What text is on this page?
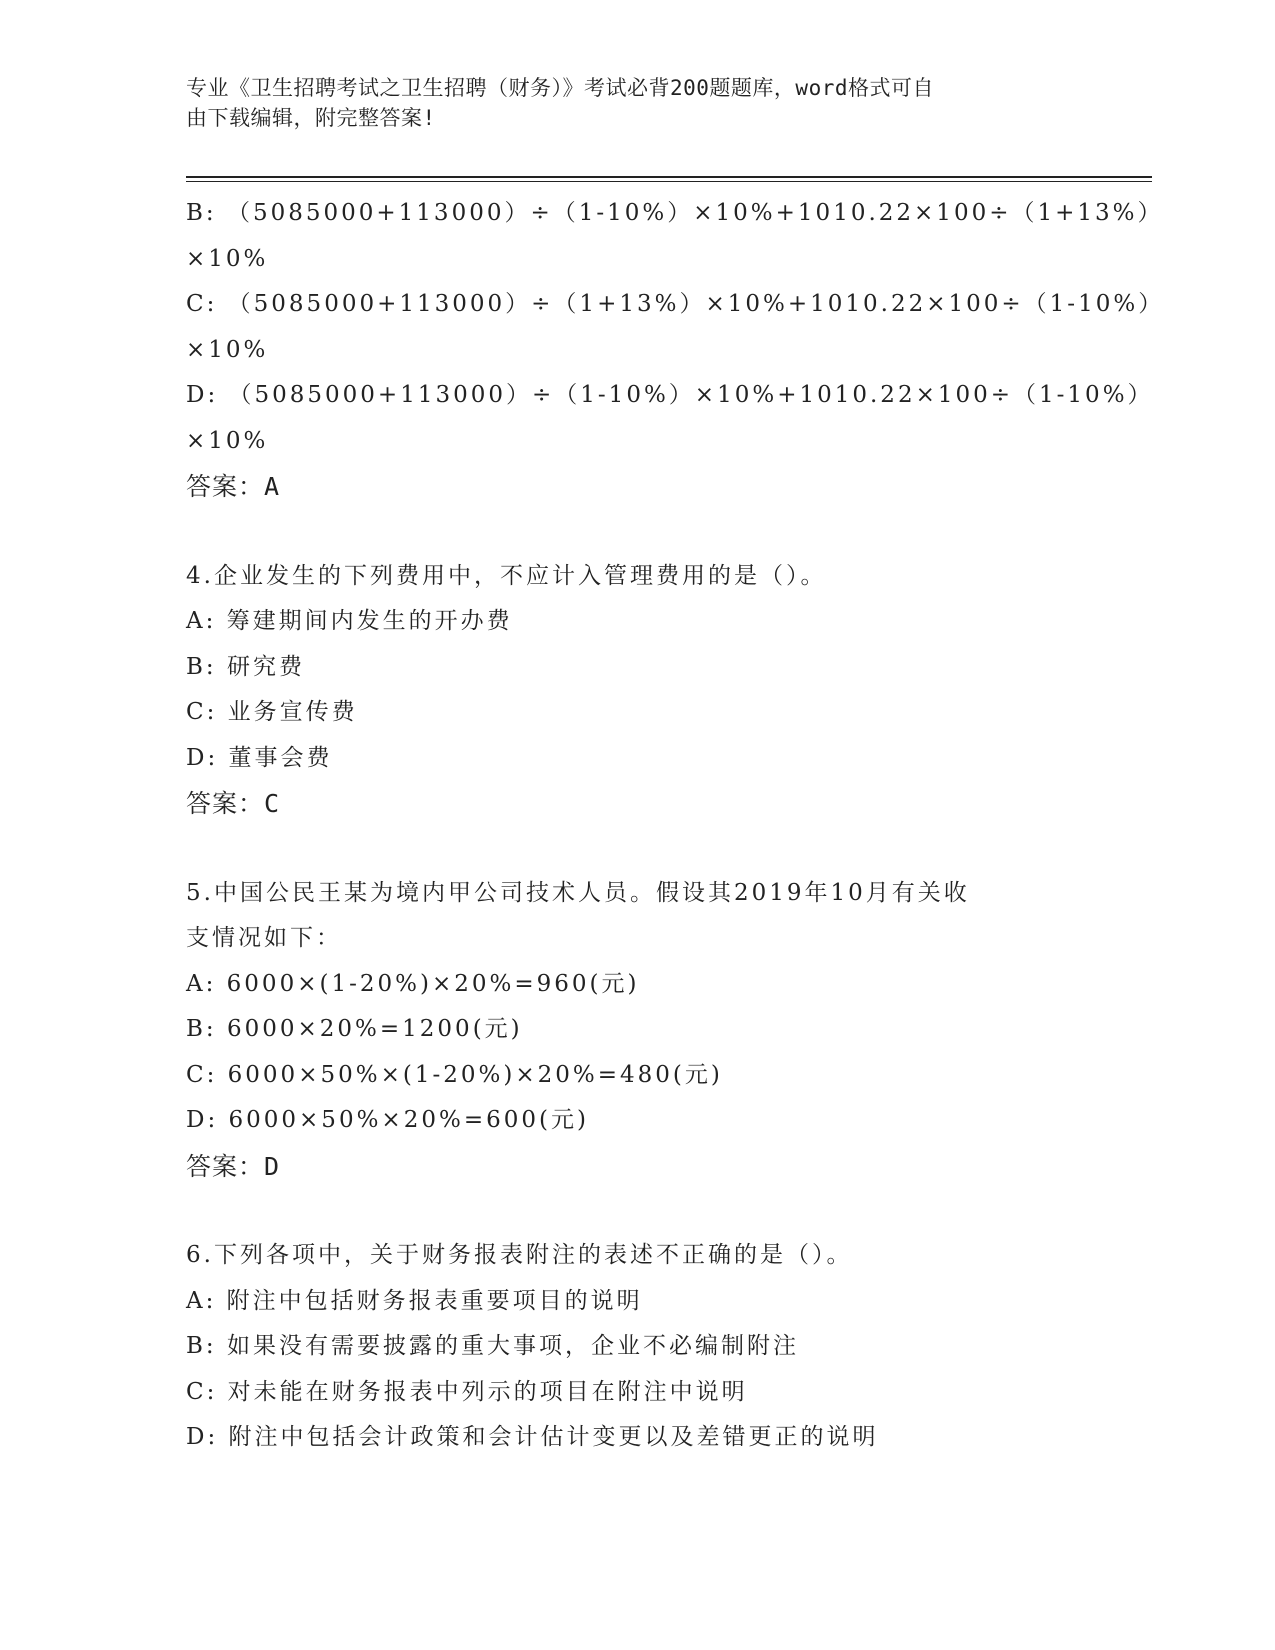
专业《卫生招聘考试之卫生招聘（财务）》考试必背200题题库，word格式可自
由下载编辑，附完整答案!
B: （5085000+113000）÷（1-10%）×10%+1010.22×100÷（1+13%）
×10%
C: （5085000+113000）÷（1+13%）×10%+1010.22×100÷（1-10%）
×10%
D: （5085000+113000）÷（1-10%）×10%+1010.22×100÷（1-10%）
×10%
答案：A
4.企业发生的下列费用中，不应计入管理费用的是（）。
A: 筹建期间内发生的开办费
B: 研究费
C: 业务宣传费
D: 董事会费
答案：C
5.中国公民王某为境内甲公司技术人员。假设其2019年10月有关收
支情况如下：
A: 6000×(1-20%)×20%=960(元)
B: 6000×20%=1200(元)
C: 6000×50%×(1-20%)×20%=480(元)
D: 6000×50%×20%=600(元)
答案：D
6.下列各项中，关于财务报表附注的表述不正确的是（）。
A: 附注中包括财务报表重要项目的说明
B: 如果没有需要披露的重大事项，企业不必编制附注
C: 对未能在财务报表中列示的项目在附注中说明
D: 附注中包括会计政策和会计估计变更以及差错更正的说明
